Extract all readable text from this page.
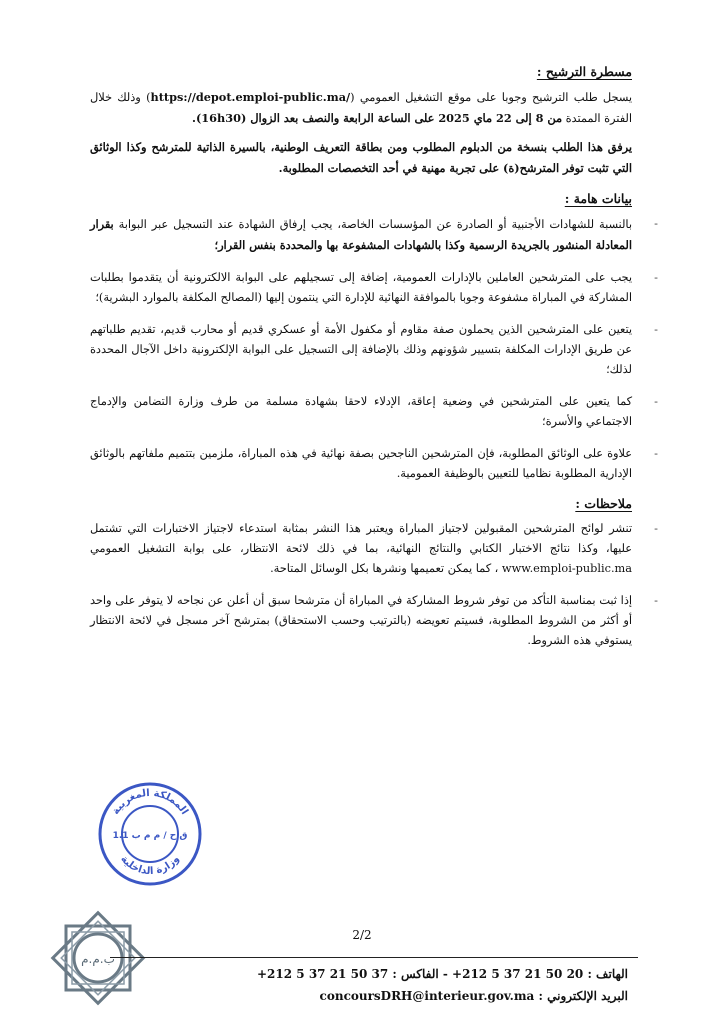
مسطرة الترشيح :

يسجل طلب الترشيح وجوبا على موقع التشغيل العمومي (https://depot.emploi-public.ma/) وذلك خلال الفترة الممتدة من 8 إلى 22 ماي 2025 على الساعة الرابعة والنصف بعد الزوال (16h30).

يرفق هذا الطلب بنسخة من الدبلوم المطلوب ومن بطاقة التعريف الوطنية، بالسيرة الذاتية للمترشح وكذا الوثائق التي تثبت توفر المترشح(ة) على تجربة مهنية في أحد التخصصات المطلوبة.

بيانات هامة :
-
بالنسبة للشهادات الأجنبية أو الصادرة عن المؤسسات الخاصة، يجب إرفاق الشهادة عند التسجيل عبر البوابة بقرار المعادلة المنشور بالجريدة الرسمية وكذا بالشهادات المشفوعة بها والمحددة بنفس القرار؛
-
يجب على المترشحين العاملين بالإدارات العمومية، إضافة إلى تسجيلهم على البوابة الالكترونية أن يتقدموا بطلبات المشاركة في المباراة مشفوعة وجوبا بالموافقة النهائية للإدارة التي ينتمون إليها (المصالح المكلفة بالموارد البشرية)؛
-
يتعين على المترشحين الذين يحملون صفة مقاوم أو مكفول الأمة أو عسكري قديم أو محارب قديم، تقديم طلباتهم عن طريق الإدارات المكلفة بتسيير شؤونهم وذلك بالإضافة إلى التسجيل على البوابة الإلكترونية داخل الآجال المحددة لذلك؛
-
كما يتعين على المترشحين في وضعية إعاقة، الإدلاء لاحقا بشهادة مسلمة من طرف وزارة التضامن والإدماج الاجتماعي والأسرة؛
-
علاوة على الوثائق المطلوبة، فإن المترشحين الناجحين بصفة نهائية في هذه المباراة، ملزمين بتتميم ملفاتهم بالوثائق الإدارية المطلوبة نظاميا للتعيين بالوظيفة العمومية.
ملاحظات :
-
تنشر لوائح المترشحين المقبولين لاجتياز المباراة ويعتبر هذا النشر بمثابة استدعاء لاجتياز الاختبارات التي تشتمل عليها، وكذا نتائج الاختبار الكتابي والنتائج النهائية، بما في ذلك لائحة الانتظار، على بوابة التشغيل العمومي www.emploi-public.ma ، كما يمكن تعميمها ونشرها بكل الوسائل المتاحة.
-
إذا ثبت بمناسبة التأكد من توفر شروط المشاركة في المباراة أن مترشحا سبق أن أعلن عن نجاحه لا يتوفر على واحد أو أكثر من الشروط المطلوبة، فسيتم تعويضه (بالترتيب وحسب الاستحقاق) بمترشح آخر مسجل في لائحة الانتظار يستوفي هذه الشروط.
المملكة المغربية
وزارة الداخلية
ق ح / م م ب 1.1
2/2
ب.م.م
الهاتف : 20 50 21 37 5 212+ - الفاكس : 37 50 21 37 5 212+
البريد الإلكتروني : concoursDRH@interieur.gov.ma
